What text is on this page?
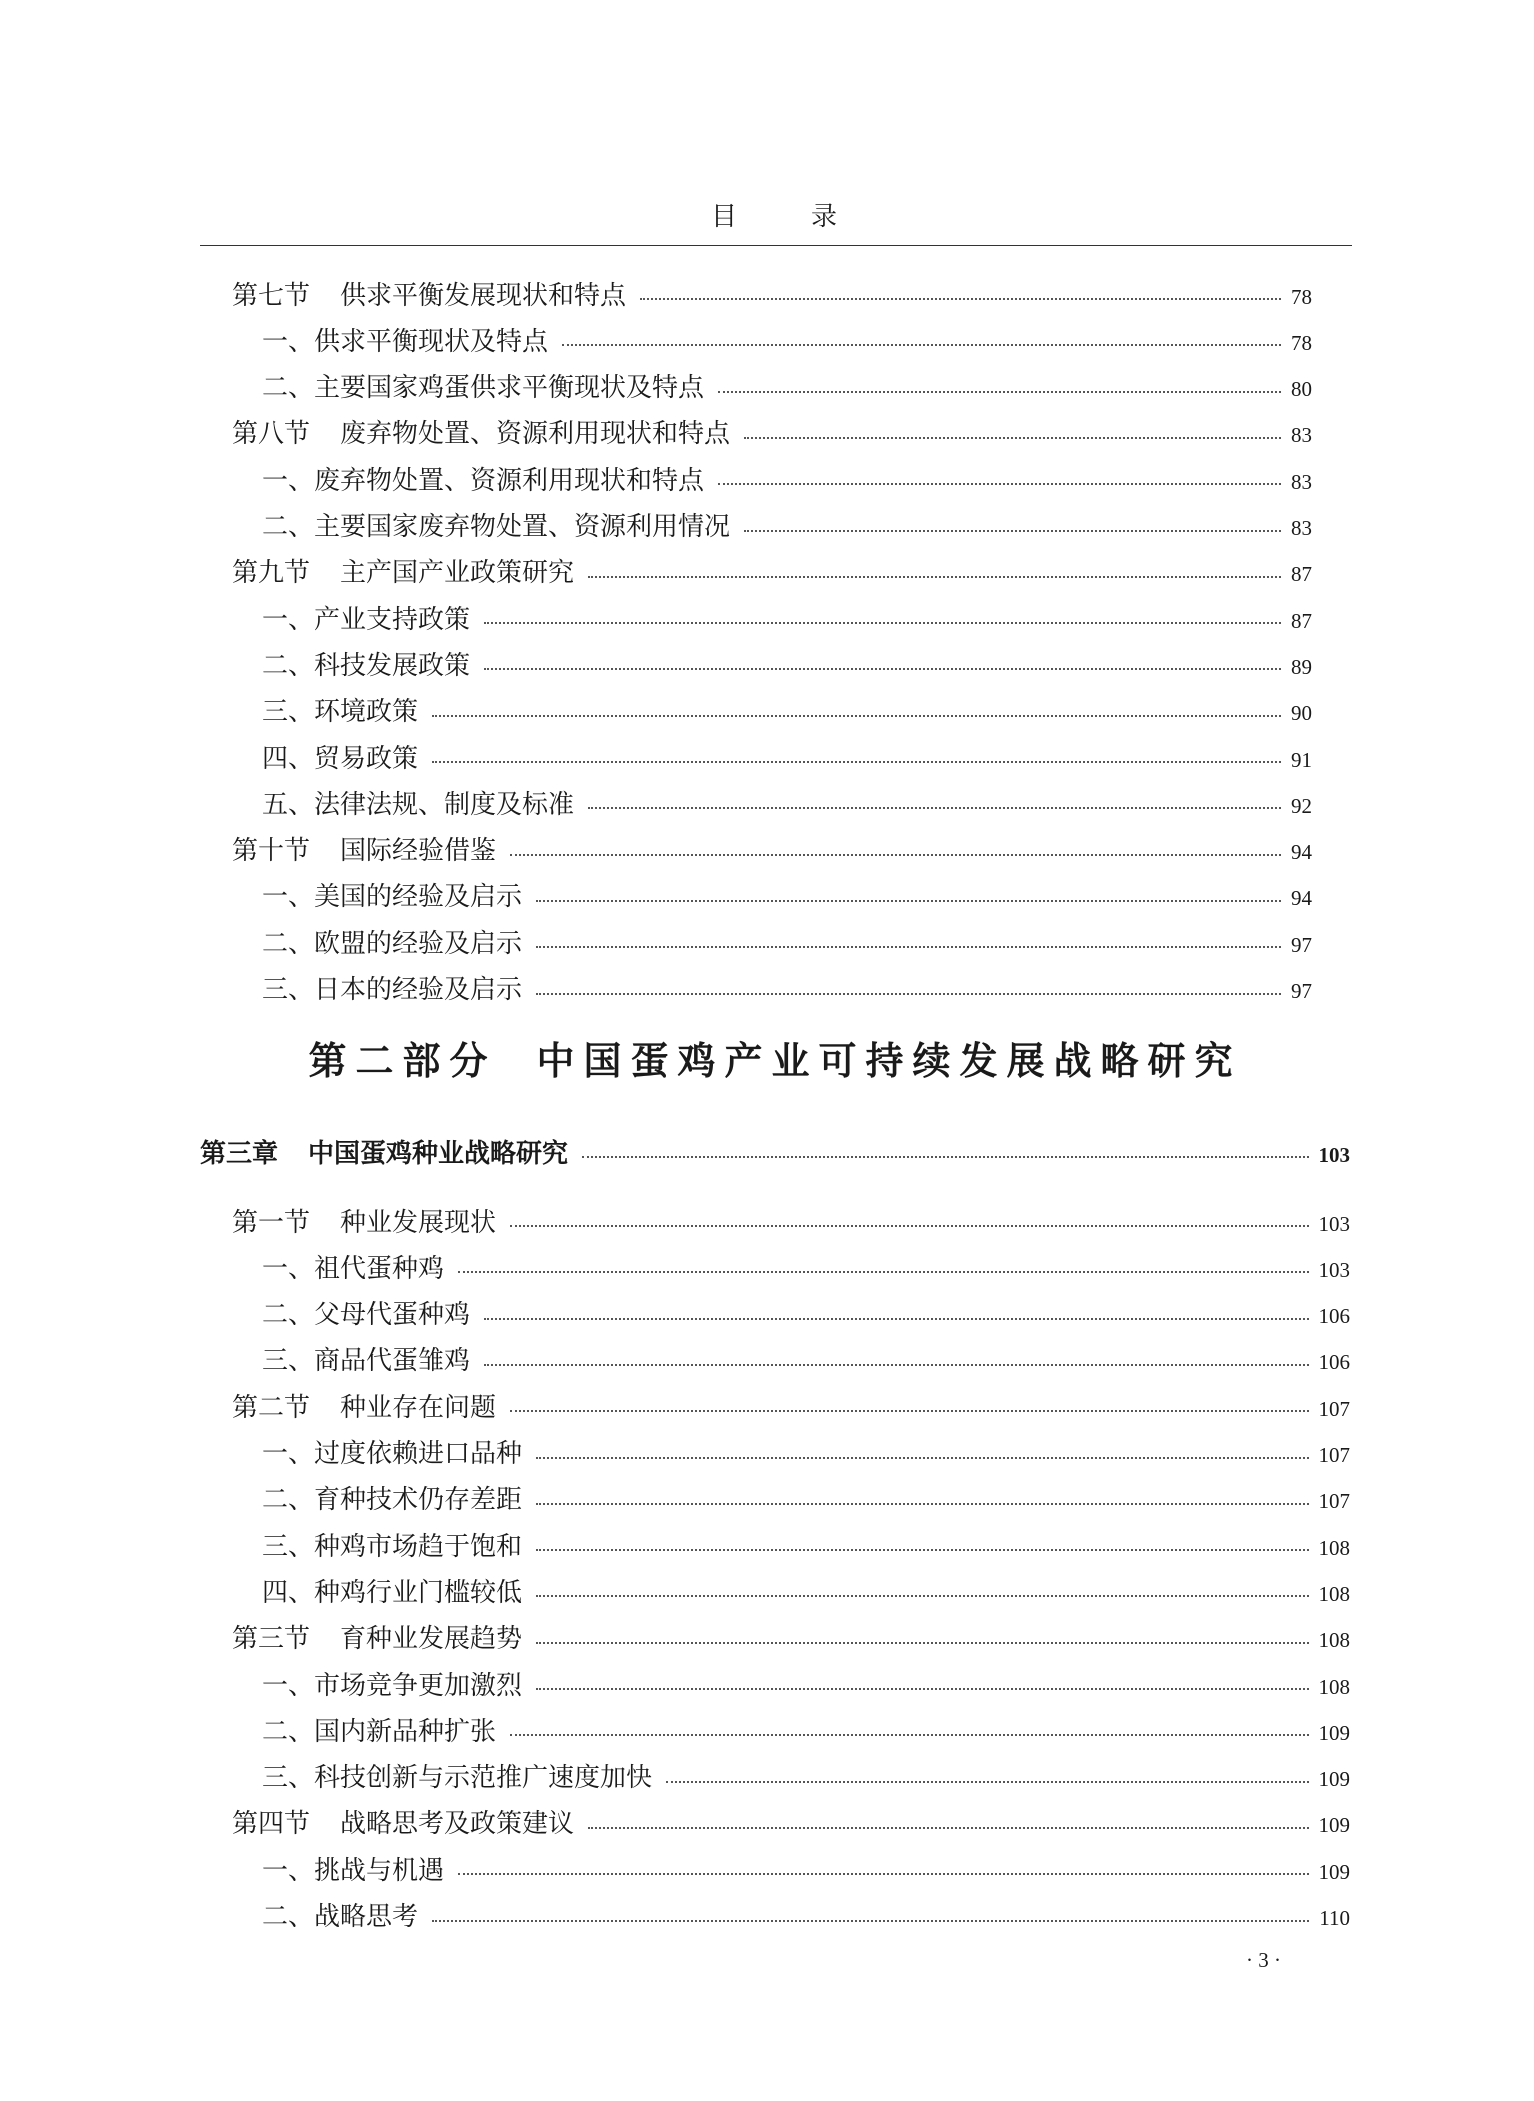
目	录
第七节 供求平衡发展现状和特点	78
一、供求平衡现状及特点	78
二、主要国家鸡蛋供求平衡现状及特点	80
第八节 废弃物处置、资源利用现状和特点	83
一、废弃物处置、资源利用现状和特点	83
二、主要国家废弃物处置、资源利用情况	83
第九节 主产国产业政策研究	87
一、产业支持政策	87
二、科技发展政策	89
三、环境政策	90
四、贸易政策	91
五、法律法规、制度及标准	92
第十节 国际经验借鉴	94
一、美国的经验及启示	94
二、欧盟的经验及启示	97
三、日本的经验及启示	97
第二部分 中国蛋鸡产业可持续发展战略研究
第三章 中国蛋鸡种业战略研究	103
第一节 种业发展现状	103
一、祖代蛋种鸡	103
二、父母代蛋种鸡	106
三、商品代蛋雏鸡	106
第二节 种业存在问题	107
一、过度依赖进口品种	107
二、育种技术仍存差距	107
三、种鸡市场趋于饱和	108
四、种鸡行业门槛较低	108
第三节 育种业发展趋势	108
一、市场竞争更加激烈	108
二、国内新品种扩张	109
三、科技创新与示范推广速度加快	109
第四节 战略思考及政策建议	109
一、挑战与机遇	109
二、战略思考	110
· 3 ·
